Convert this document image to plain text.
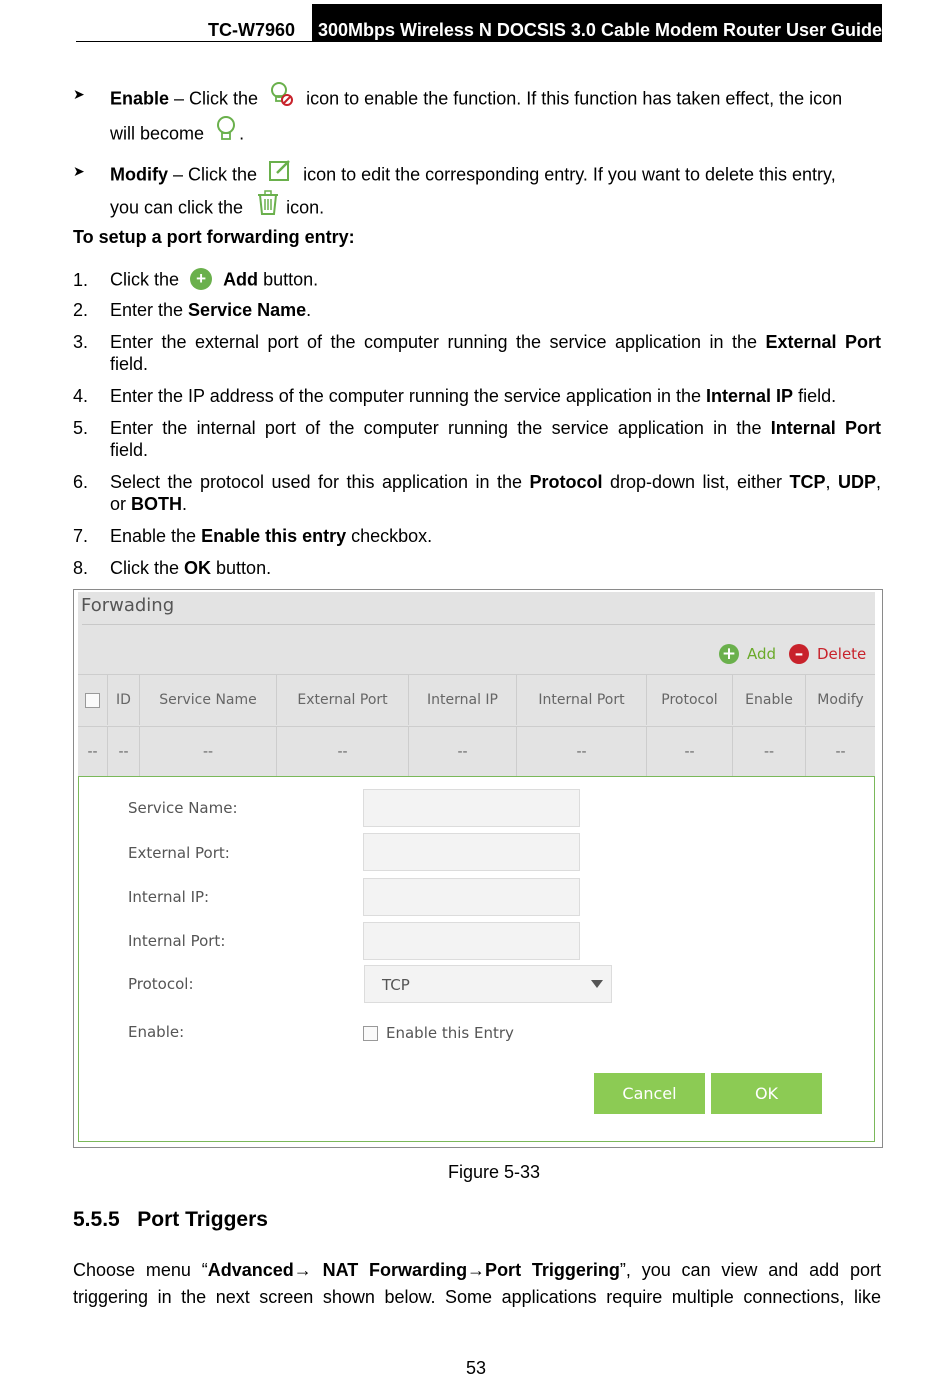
TC-W7960	300Mbps Wireless N DOCSIS 3.0 Cable Modem Router User Guide
➤ Enable – Click the	icon to enable the function. If this function has taken effect, the icon
will become .
➤ Modify – Click the	icon to edit the corresponding entry. If you want to delete this entry,
you can click the icon.
To setup a port forwarding entry:
1. Click the + Add button.
2. Enter the Service Name.
3. Enter the external port of the computer running the service application in the External Port
field.
4. Enter the IP address of the computer running the service application in the Internal IP field.
5. Enter the internal port of the computer running the service application in the Internal Port
field.
6. Select the protocol used for this application in the Protocol drop-down list, either TCP, UDP,
or BOTH.
7. Enable the Enable this entry checkbox.
8. Click the OK button.
Forwading
+ Add	– Delete
ID	Service Name	External Port	Internal IP	Internal Port	Protocol	Enable	Modify
--	--	--	--	--	--	--	--	--
Service Name:
External Port:
Internal IP:
Internal Port:
Protocol:	TCP
Enable:	Enable this Entry
Cancel	OK
Figure 5-33
5.5.5 Port Triggers
Choose menu “Advanced→ NAT Forwarding→Port Triggering”, you can view and add port
triggering in the next screen shown below. Some applications require multiple connections, like
53
